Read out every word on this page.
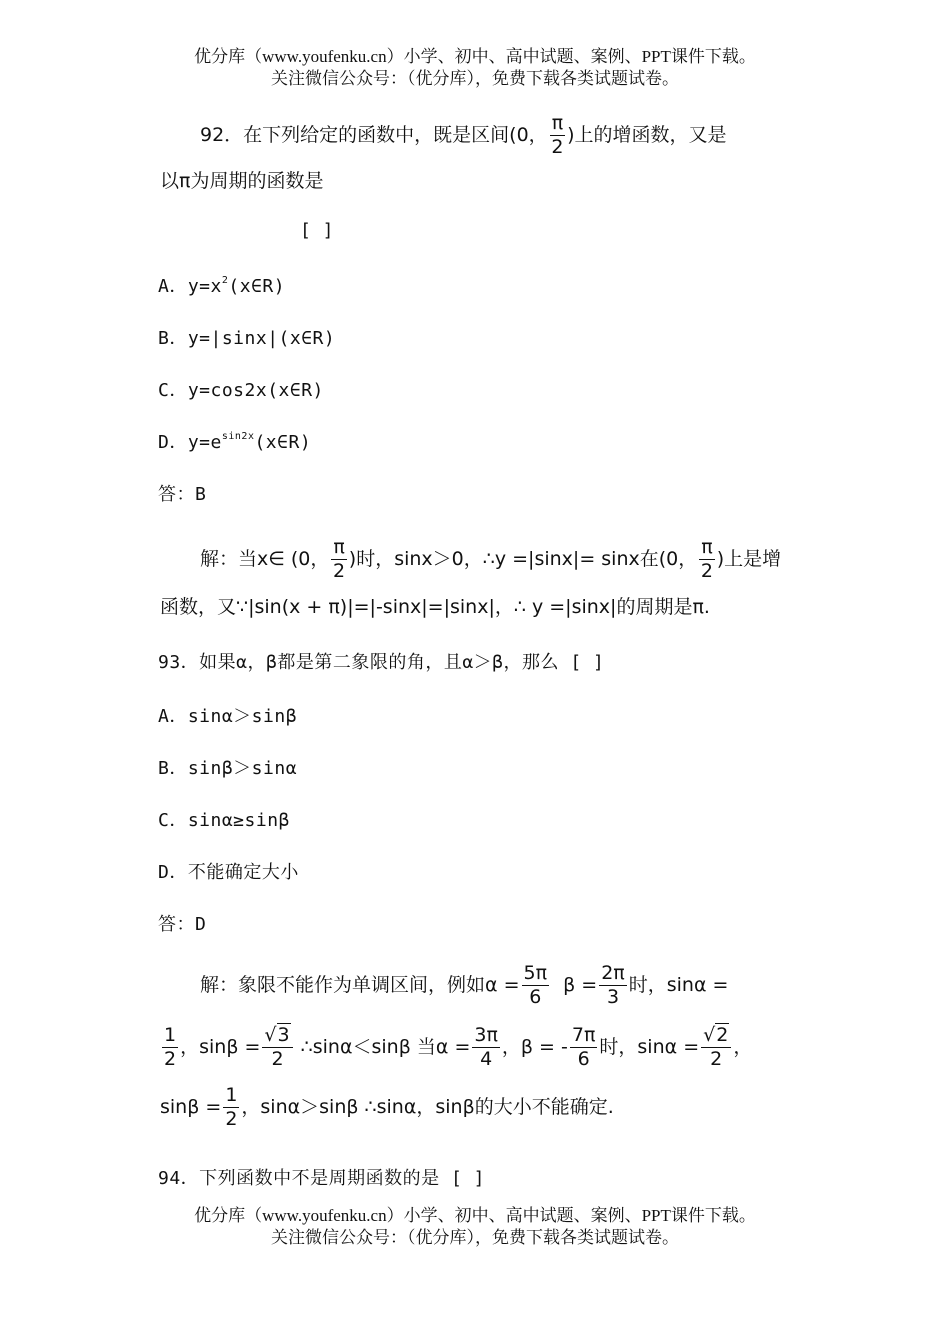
优分库（www.youfenku.cn）小学、初中、高中试题、案例、PPT课件下载。
关注微信公众号：（优分库），免费下载各类试题试卷。
92．在下列给定的函数中，既是区间(0， $\frac{\pi}{2}$ )上的增函数，又是
以π为周期的函数是
[ ]
A．$y=x^2(x\in R)$
B．y=|sinx|(x∈R)
C．y=cos2x(x∈R)
D．$y=e^{sin2x}(x\in R)$
答：B
解：当x∈ (0， $\frac{\pi}{2}$ )时，sinx＞0，∴y =|sinx|= sinx在(0， $\frac{\pi}{2}$ )上是增
函数，又∵|sin(x + π)|=|-sinx|=|sinx|，∴ y =|sinx|的周期是π.
93．如果α，β都是第二象限的角，且α＞β，那么 [ ]
A．sinα＞sinβ
B．sinβ＞sinα
C．sinα≥sinβ
D．不能确定大小
答：D
解：象限不能作为单调区间，例如$\alpha = \frac{5\pi}{6}$ $\beta = \frac{2\pi}{3}$ 时，sinα =
$\frac{1}{2}$ ，$\sin\beta = \frac{√3}{2}$ ∴sinα＜sinβ 当$\alpha = \frac{3\pi}{4}$ ，β = - $\frac{7\pi}{6}$ 时，$\sin\alpha = \frac{√2}{2}$ ，
$\sin\beta = \frac{1}{2}$ ，sinα＞sinβ ∴sinα，sinβ的大小不能确定.
94．下列函数中不是周期函数的是 [ ]
优分库（www.youfenku.cn）小学、初中、高中试题、案例、PPT课件下载。
关注微信公众号：（优分库），免费下载各类试题试卷。
